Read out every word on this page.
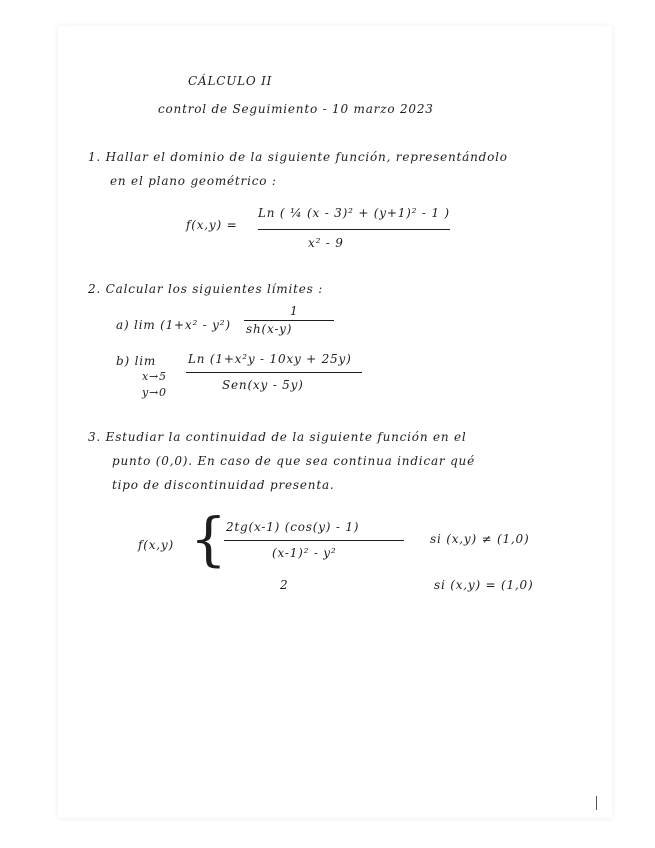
CÁLCULO II
control de Seguimiento - 10 marzo 2023
1. Hallar el dominio de la siguiente función, representándolo
en el plano geométrico :
f(x,y) =
Ln ( ¼ (x - 3)² + (y+1)² - 1 )
x² - 9
2. Calcular los siguientes límites :
1
a) lim (1+x² - y²) sh(x-y)
b) lim
x→5
y→0
Ln (1+x²y - 10xy + 25y)
Sen(xy - 5y)
3. Estudiar la continuidad de la siguiente función en el
punto (0,0). En caso de que sea continua indicar qué
tipo de discontinuidad presenta.
f(x,y) { 2tg(x-1) (cos(y) - 1)
(x-1)² - y²
si (x,y) ≠ (1,0)
2	si (x,y) = (1,0)
